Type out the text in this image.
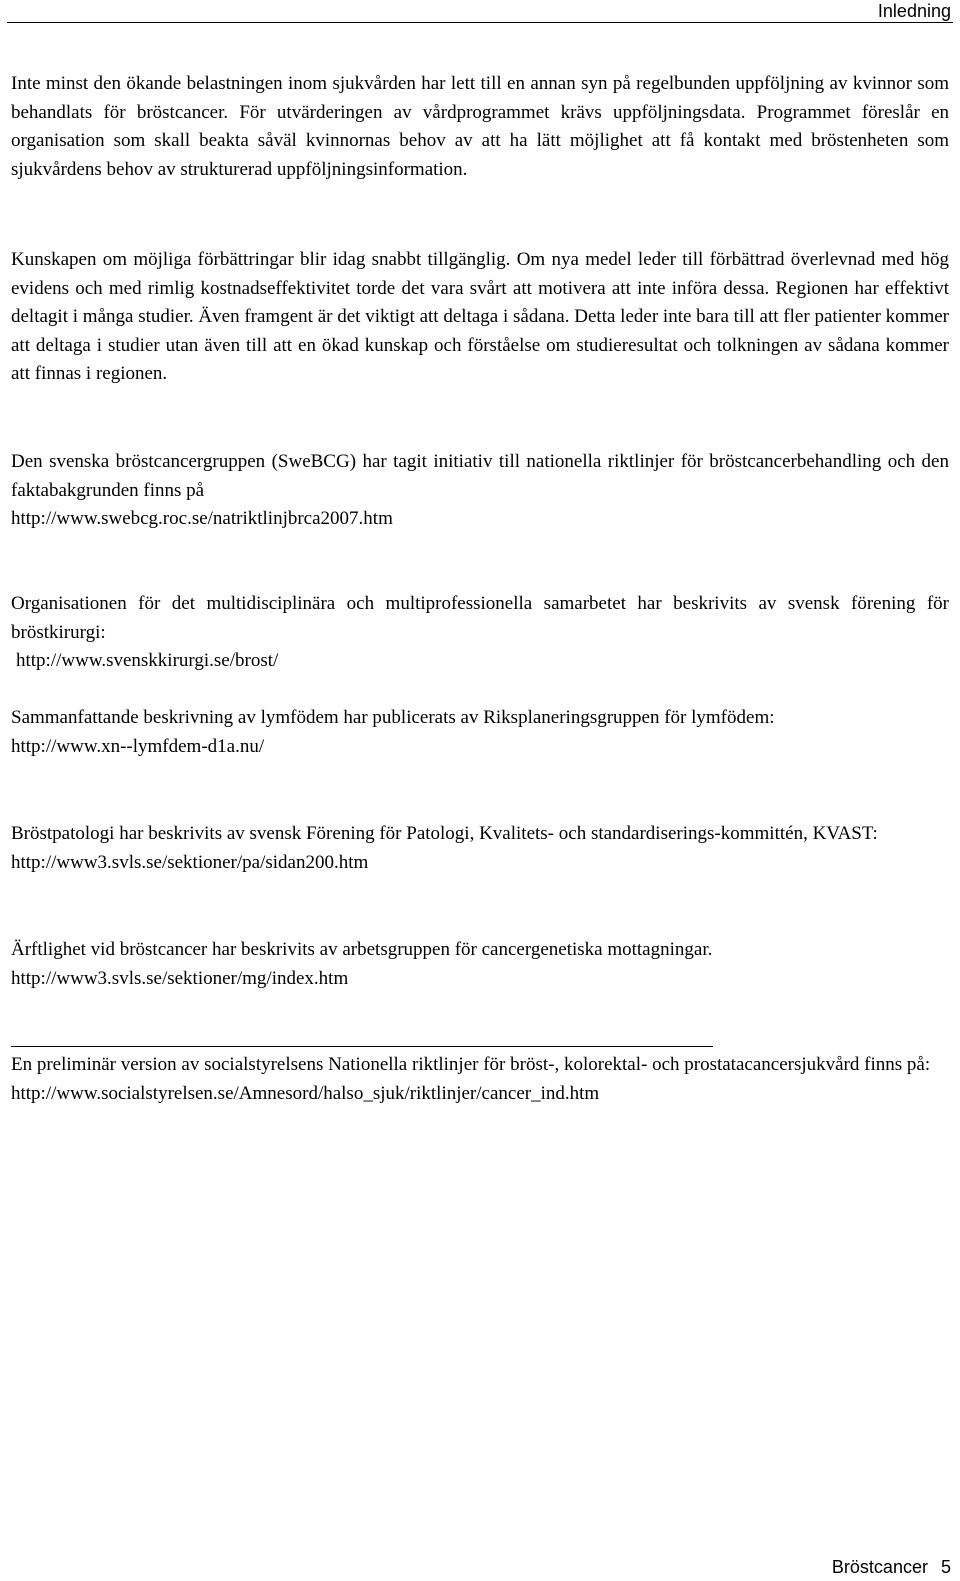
Inledning

Inte minst den ökande belastningen inom sjukvården har lett till en annan syn på regelbunden uppföljning av kvinnor som behandlats för bröstcancer. För utvärderingen av vårdprogrammet krävs uppföljningsdata. Programmet föreslår en organisation som skall beakta såväl kvinnornas behov av att ha lätt möjlighet att få kontakt med bröstenheten som sjukvårdens behov av strukturerad uppföljningsinformation.

Kunskapen om möjliga förbättringar blir idag snabbt tillgänglig. Om nya medel leder till förbättrad överlevnad med hög evidens och med rimlig kostnadseffektivitet torde det vara svårt att motivera att inte införa dessa. Regionen har effektivt deltagit i många studier. Även framgent är det viktigt att deltaga i sådana. Detta leder inte bara till att fler patienter kommer att deltaga i studier utan även till att en ökad kunskap och förståelse om studieresultat och tolkningen av sådana kommer att finnas i regionen.

Den svenska bröstcancergruppen (SweBCG) har tagit initiativ till nationella riktlinjer för bröstcancerbehandling och den faktabakgrunden finns på
http://www.swebcg.roc.se/natriktlinjbrca2007.htm
Organisationen för det multidisciplinära och multiprofessionella samarbetet har beskrivits av svensk förening för bröstkirurgi:
http://www.svenskkirurgi.se/brost/
Sammanfattande beskrivning av lymfödem har publicerats av Riksplaneringsgruppen för lymfödem:
http://www.xn--lymfdem-d1a.nu/
Bröstpatologi har beskrivits av svensk Förening för Patologi, Kvalitets- och standardiserings-kommittén, KVAST:
http://www3.svls.se/sektioner/pa/sidan200.htm
Ärftlighet vid bröstcancer har beskrivits av arbetsgruppen för cancergenetiska mottagningar.
http://www3.svls.se/sektioner/mg/index.htm
En preliminär version av socialstyrelsens Nationella riktlinjer för bröst-, kolorektal- och prostatacancersjukvård finns på:
http://www.socialstyrelsen.se/Amnesord/halso_sjuk/riktlinjer/cancer_ind.htm
Bröstcancer 5
